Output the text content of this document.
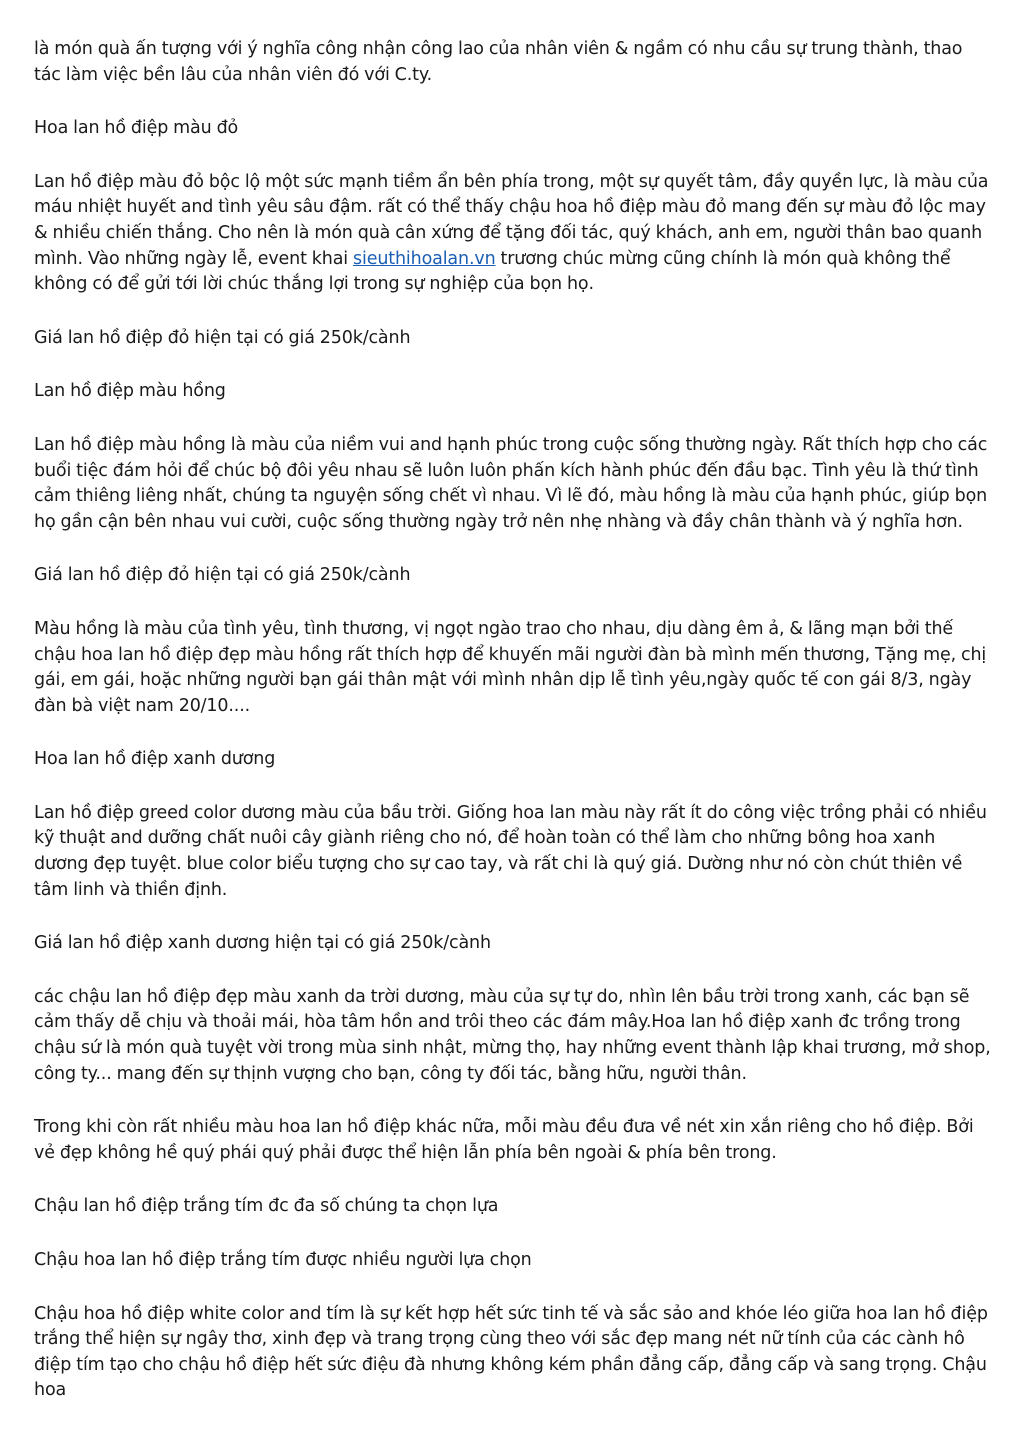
là món quà ấn tượng với ý nghĩa công nhận công lao của nhân viên & ngầm có nhu cầu sự trung thành, thao tác làm việc bền lâu của nhân viên đó với C.ty.

Hoa lan hồ điệp màu đỏ

Lan hồ điệp màu đỏ bộc lộ một sức mạnh tiềm ẩn bên phía trong, một sự quyết tâm, đầy quyền lực, là màu của máu nhiệt huyết and tình yêu sâu đậm. rất có thể thấy chậu hoa hồ điệp màu đỏ mang đến sự màu đỏ lộc may & nhiều chiến thắng. Cho nên là món quà cân xứng để tặng đối tác, quý khách, anh em, người thân bao quanh mình. Vào những ngày lễ, event khai sieuthihoalan.vn trương chúc mừng cũng chính là món quà không thể không có để gửi tới lời chúc thắng lợi trong sự nghiệp của bọn họ.

Giá lan hồ điệp đỏ hiện tại có giá 250k/cành

Lan hồ điệp màu hồng

Lan hồ điệp màu hồng là màu của niềm vui and hạnh phúc trong cuộc sống thường ngày. Rất thích hợp cho các buổi tiệc đám hỏi để chúc bộ đôi yêu nhau sẽ luôn luôn phấn kích hành phúc đến đầu bạc. Tình yêu là thứ tình cảm thiêng liêng nhất, chúng ta nguyện sống chết vì nhau. Vì lẽ đó, màu hồng là màu của hạnh phúc, giúp bọn họ gần cận bên nhau vui cười, cuộc sống thường ngày trở nên nhẹ nhàng và đầy chân thành và ý nghĩa hơn.

Giá lan hồ điệp đỏ hiện tại có giá 250k/cành

Màu hồng là màu của tình yêu, tình thương, vị ngọt ngào trao cho nhau, dịu dàng êm ả, & lãng mạn bởi thế chậu hoa lan hồ điệp đẹp màu hồng rất thích hợp để khuyến mãi người đàn bà mình mến thương, Tặng mẹ, chị gái, em gái, hoặc những người bạn gái thân mật với mình nhân dịp lễ tình yêu,ngày quốc tế con gái 8/3, ngày đàn bà việt nam 20/10....

Hoa lan hồ điệp xanh dương

Lan hồ điệp greed color dương màu của bầu trời. Giống hoa lan màu này rất ít do công việc trồng phải có nhiều kỹ thuật and dưỡng chất nuôi cây giành riêng cho nó, để hoàn toàn có thể làm cho những bông hoa xanh dương đẹp tuyệt. blue color biểu tượng cho sự cao tay, và rất chi là quý giá. Dường như nó còn chút thiên về tâm linh và thiền định.

Giá lan hồ điệp xanh dương hiện tại có giá 250k/cành

các chậu lan hồ điệp đẹp màu xanh da trời dương, màu của sự tự do, nhìn lên bầu trời trong xanh, các bạn sẽ cảm thấy dễ chịu và thoải mái, hòa tâm hồn and trôi theo các đám mây.Hoa lan hồ điệp xanh đc trồng trong chậu sứ là món quà tuyệt vời trong mùa sinh nhật, mừng thọ, hay những event thành lập khai trương, mở shop, công ty... mang đến sự thịnh vượng cho bạn, công ty đối tác, bằng hữu, người thân.

Trong khi còn rất nhiều màu hoa lan hồ điệp khác nữa, mỗi màu đều đưa về nét xin xắn riêng cho hồ điệp. Bởi vẻ đẹp không hề quý phái quý phải được thể hiện lẫn phía bên ngoài & phía bên trong.

Chậu lan hồ điệp trắng tím đc đa số chúng ta chọn lựa

Chậu hoa lan hồ điệp trắng tím được nhiều người lựa chọn

Chậu hoa hồ điệp white color and tím là sự kết hợp hết sức tinh tế và sắc sảo and khóe léo giữa hoa lan hồ điệp trắng thể hiện sự ngây thơ, xinh đẹp và trang trọng cùng theo với sắc đẹp mang nét nữ tính của các cành hô điệp tím tạo cho chậu hồ điệp hết sức điệu đà nhưng không kém phần đẳng cấp, đẳng cấp và sang trọng. Chậu hoa
